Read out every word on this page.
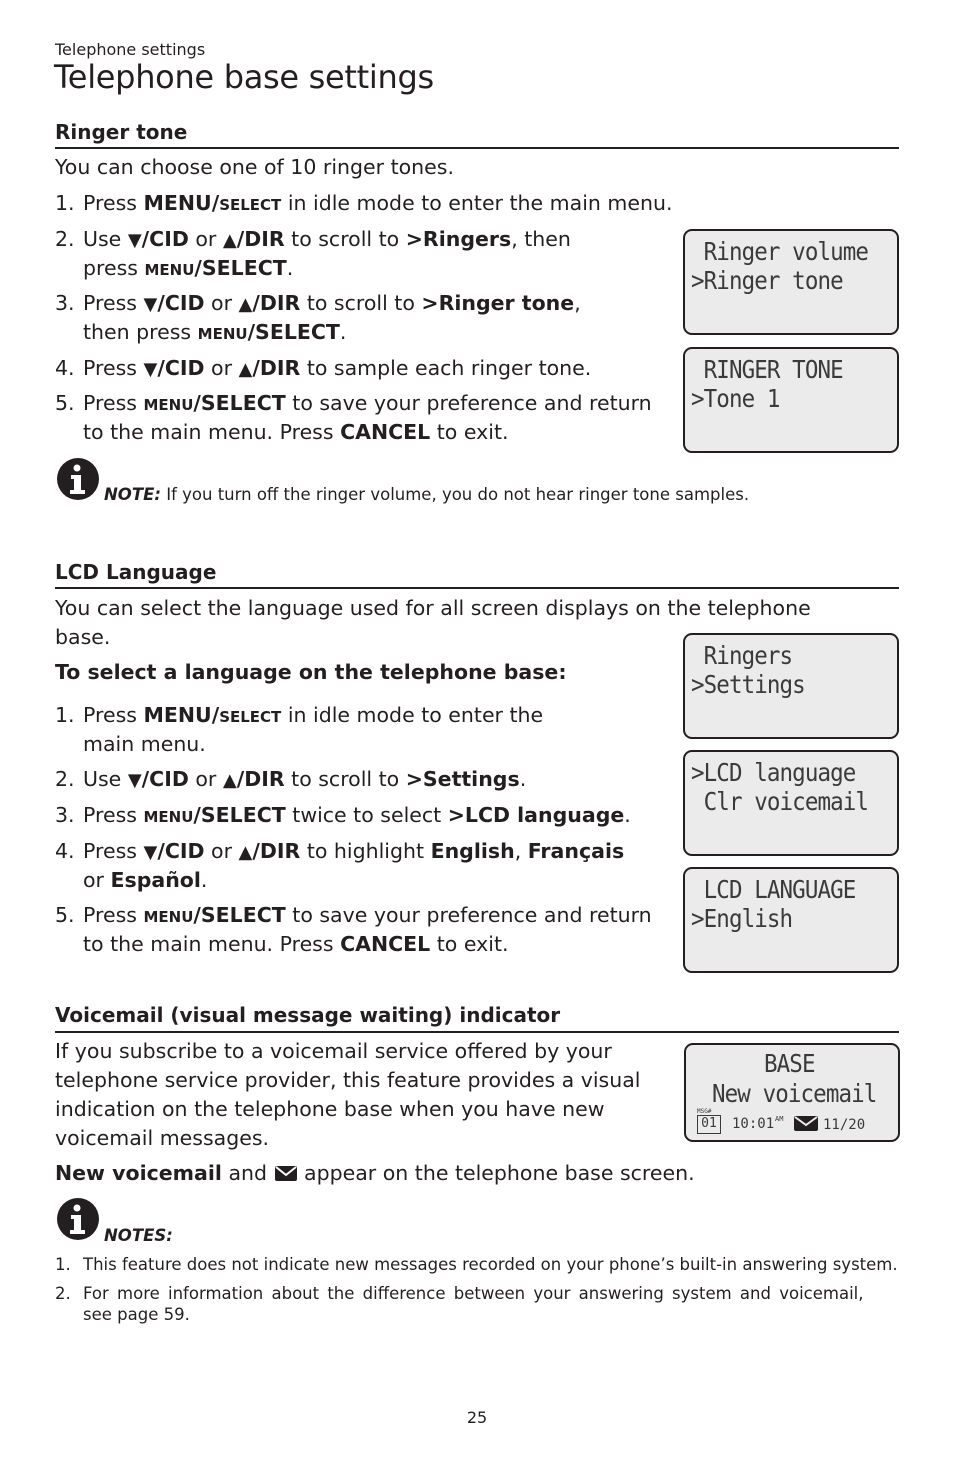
Telephone settings
Telephone base settings
Ringer tone
You can choose one of 10 ringer tones.
1. Press MENU/SELECT in idle mode to enter the main menu.
2. Use ▼/CID or ▲/DIR to scroll to >Ringers, then
press MENU/SELECT.
3. Press ▼/CID or ▲/DIR to scroll to >Ringer tone,
then press MENU/SELECT.
4. Press ▼/CID or ▲/DIR to sample each ringer tone.
5. Press MENU/SELECT to save your preference and return
to the main menu. Press CANCEL to exit.
Ringer volume
>Ringer tone
RINGER TONE
>Tone 1
NOTE: If you turn off the ringer volume, you do not hear ringer tone samples.
LCD Language
You can select the language used for all screen displays on the telephone
base.
To select a language on the telephone base:
1. Press MENU/SELECT in idle mode to enter the
main menu.
2. Use ▼/CID or ▲/DIR to scroll to >Settings.
3. Press MENU/SELECT twice to select >LCD language.
4. Press ▼/CID or ▲/DIR to highlight English, Français
or Español.
5. Press MENU/SELECT to save your preference and return
to the main menu. Press CANCEL to exit.
Ringers
>Settings
>LCD language
Clr voicemail
LCD LANGUAGE
>English
Voicemail (visual message waiting) indicator
If you subscribe to a voicemail service offered by your
telephone service provider, this feature provides a visual
indication on the telephone base when you have new
voicemail messages.
New voicemail and  appear on the telephone base screen.
BASE
New voicemail
MSG#
01 10:01 AM	11/20
NOTES:
1. This feature does not indicate new messages recorded on your phone’s built-in answering system.
2. For more information about the difference between your answering system and voicemail,
see page 59.
25
